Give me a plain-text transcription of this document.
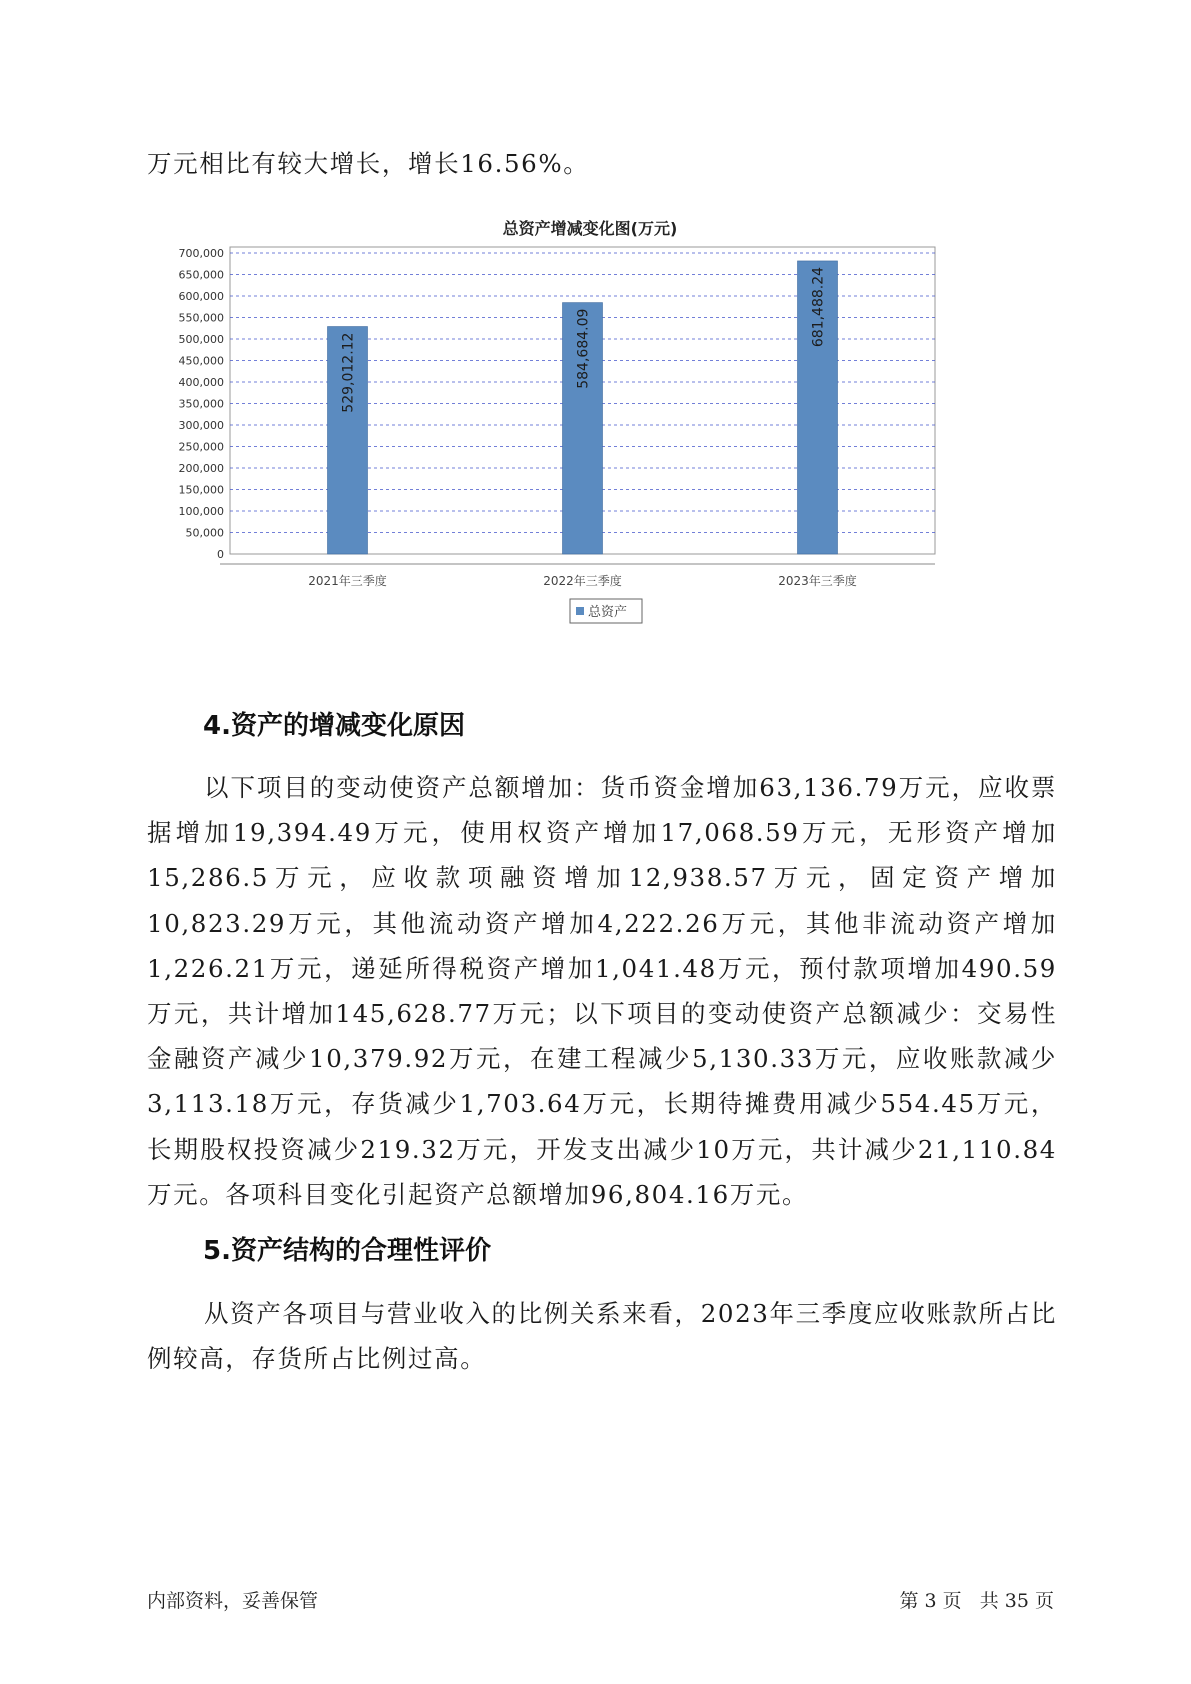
万元相比有较大增长，增长16.56%。

总资产增减变化图(万元)
700,000
650,000
600,000
550,000
500,000
450,000
400,000
350,000
300,000
250,000
200,000
150,000
100,000
50,000
0
529,012.12	584,684.09
681,488.24
2021年三季度	2022年三季度	2023年三季度
总资产
4.资产的增减变化原因

以下项目的变动使资产总额增加：货币资金增加63,136.79万元，应收票据增加19,394.49万元，使用权资产增加17,068.59万元，无形资产增加15,286.5万元，应收款项融资增加12,938.57万元，固定资产增加10,823.29万元，其他流动资产增加4,222.26万元，其他非流动资产增加1,226.21万元，递延所得税资产增加1,041.48万元，预付款项增加490.59万元，共计增加145,628.77万元；以下项目的变动使资产总额减少：交易性金融资产减少10,379.92万元，在建工程减少5,130.33万元，应收账款减少3,113.18万元，存货减少1,703.64万元，长期待摊费用减少554.45万元，长期股权投资减少219.32万元，开发支出减少10万元，共计减少21,110.84万元。各项科目变化引起资产总额增加96,804.16万元。

5.资产结构的合理性评价

从资产各项目与营业收入的比例关系来看，2023年三季度应收账款所占比例较高，存货所占比例过高。

内部资料，妥善保管	第 3 页   共 35 页
